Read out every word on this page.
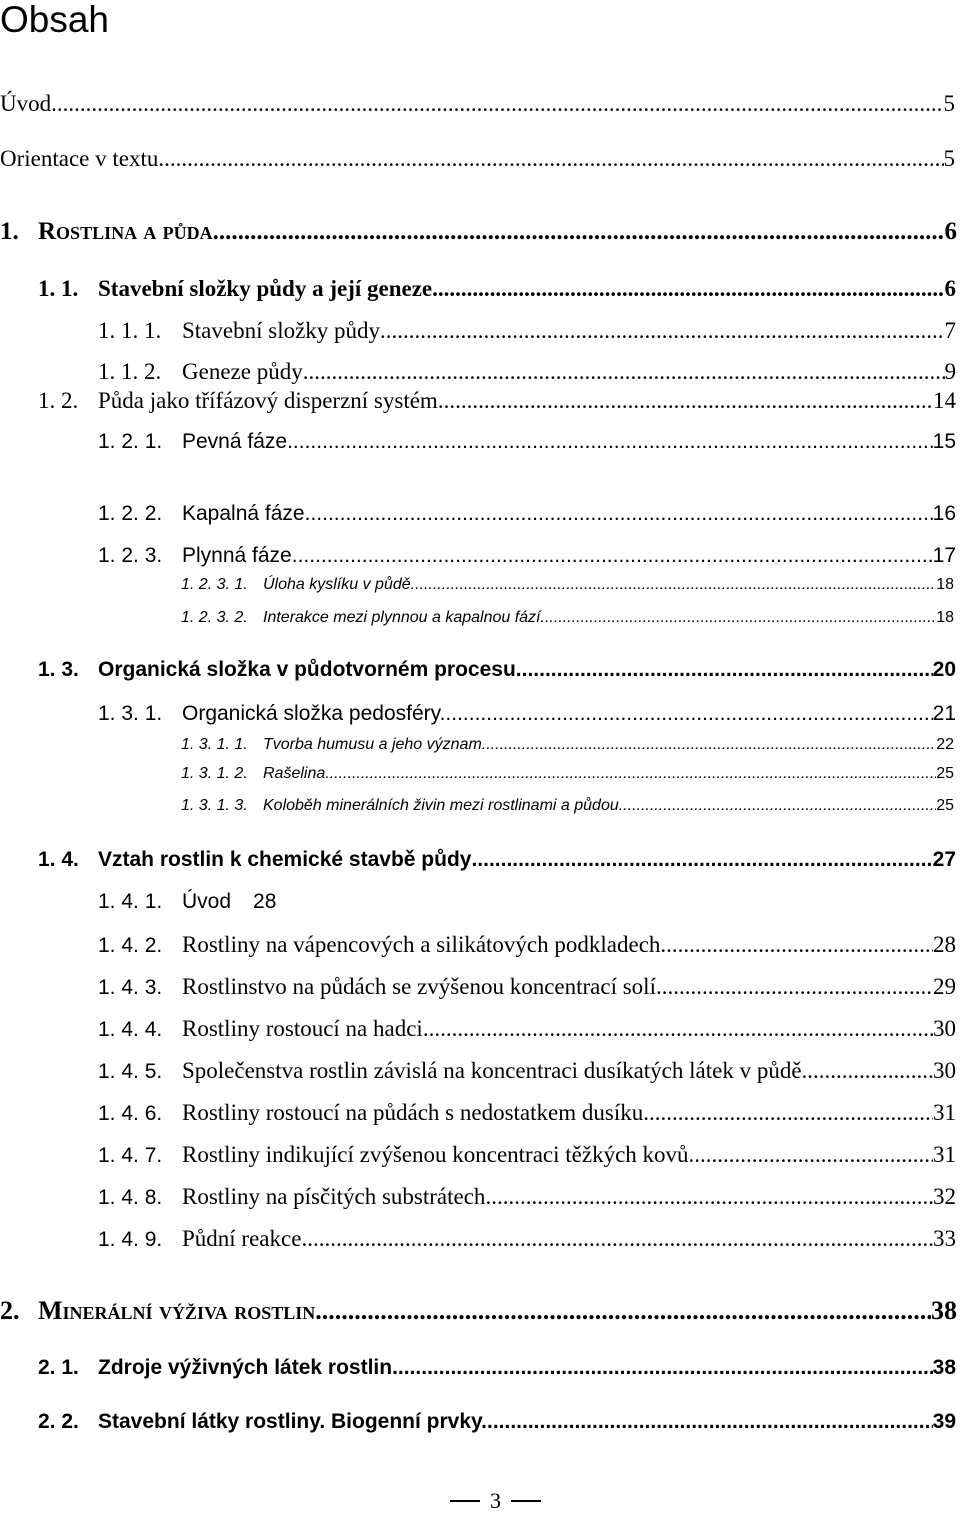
Obsah
Úvod .....	5
Orientace v textu .....	5
1. Rostlina a půda .....	6
1. 1. Stavební složky půdy a její geneze .....	6
1. 1. 1. Stavební složky půdy .....	7
1. 1. 2. Geneze půdy .....	9
1. 2. Půda jako třífázový disperzní systém .....	14
1. 2. 1. Pevná fáze .....	15
1. 2. 2. Kapalná fáze .....	16
1. 2. 3. Plynná fáze .....	17
1. 2. 3. 1. Úloha kyslíku v půdě. .....	18
1. 2. 3. 2. Interakce mezi plynnou a kapalnou fází. .....	18
1. 3. Organická složka v půdotvorném procesu .....	20
1. 3. 1. Organická složka pedosféry. .....	21
1. 3. 1. 1. Tvorba humusu a jeho význam .....	22
1. 3. 1. 2. Rašelina .....	25
1. 3. 1. 3. Koloběh minerálních živin mezi rostlinami a půdou .....	25
1. 4. Vztah rostlin k chemické stavbě půdy .....	27
1. 4. 1. Úvod 28
1. 4. 2. Rostliny na vápencových a silikátových podkladech .....	28
1. 4. 3. Rostlinstvo na půdách se zvýšenou koncentrací solí .....	29
1. 4. 4. Rostliny rostoucí na hadci .....	30
1. 4. 5. Společenstva rostlin závislá na koncentraci dusíkatých látek v půdě. .....	30
1. 4. 6. Rostliny rostoucí na půdách s nedostatkem dusíku. .....	31
1. 4. 7. Rostliny indikující zvýšenou koncentraci těžkých kovů .....	31
1. 4. 8. Rostliny na písčitých substrátech .....	32
1. 4. 9. Půdní reakce .....	33
2. Minerální výživa rostlin .....	38
2. 1. Zdroje výživných látek rostlin .....	38
2. 2. Stavební látky rostliny. Biogenní prvky. .....	39
3
